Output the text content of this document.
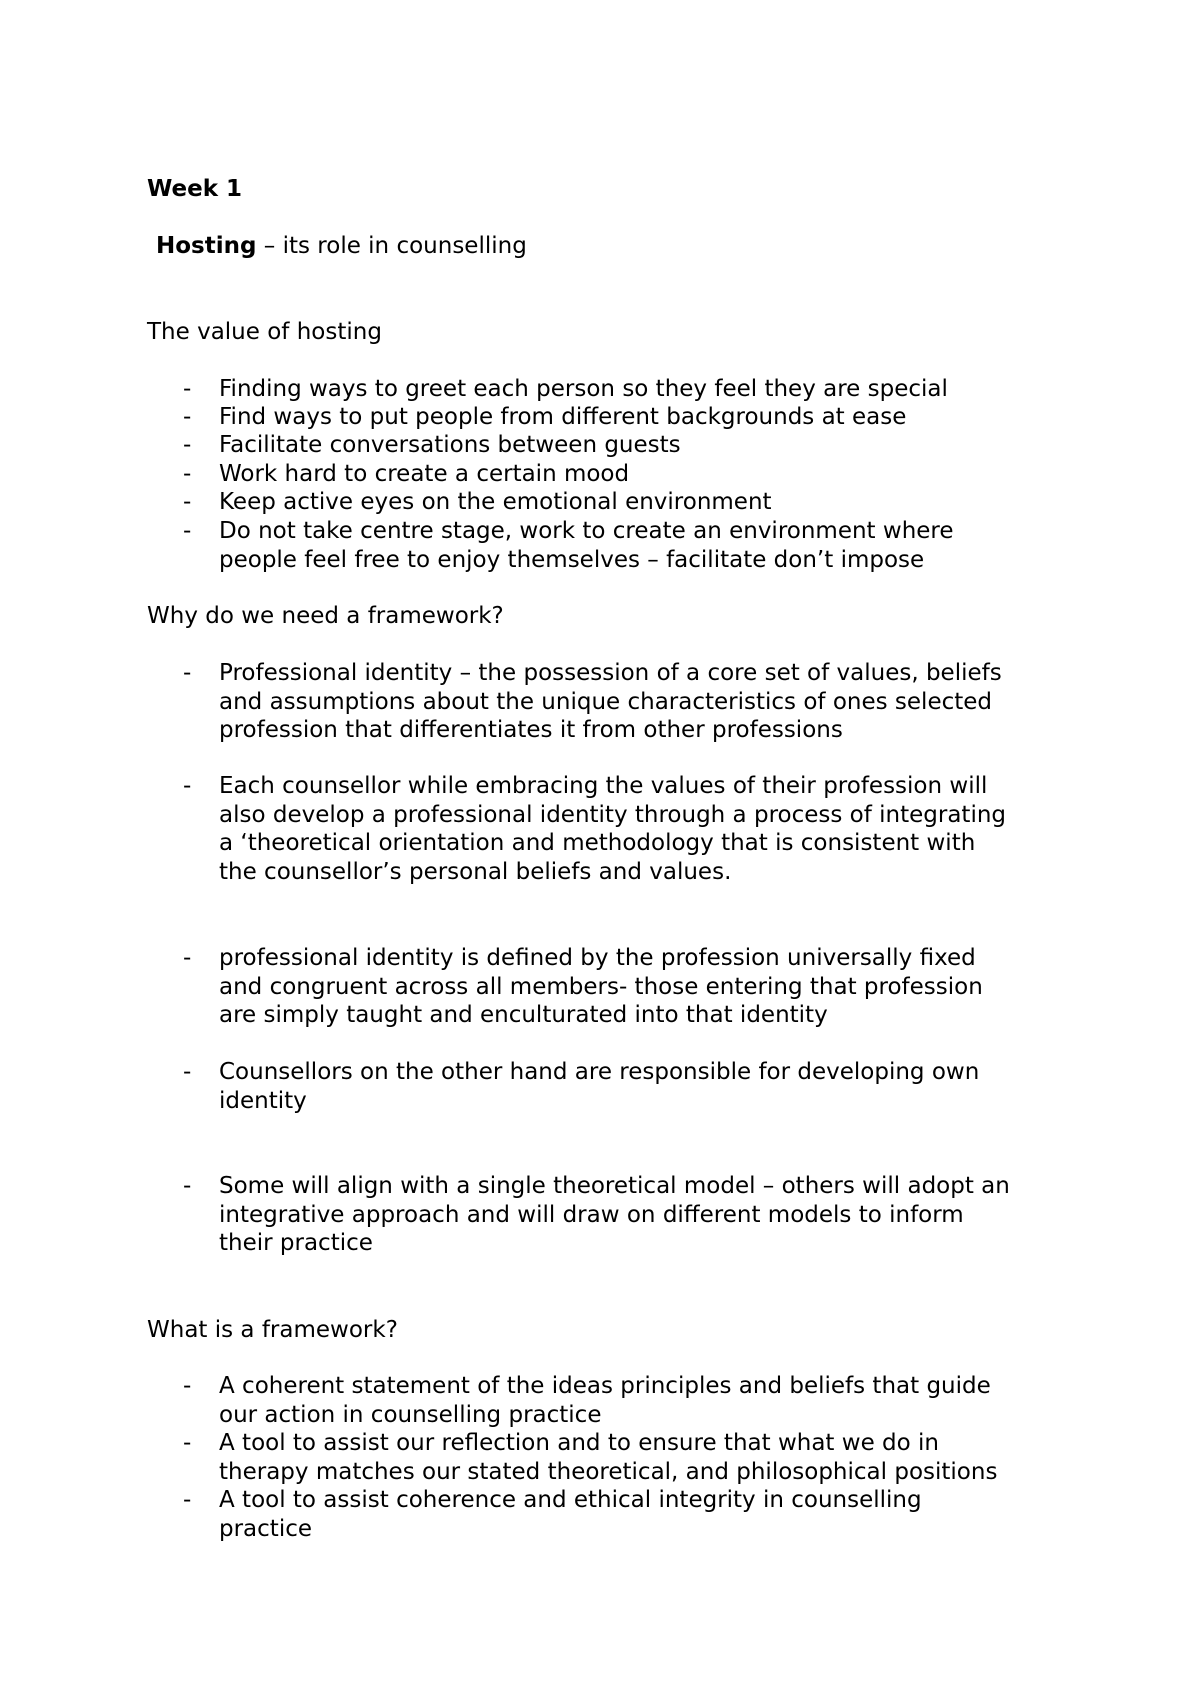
Week 1
Hosting – its role in counselling
The value of hosting
- Finding ways to greet each person so they feel they are special
- Find ways to put people from different backgrounds at ease
- Facilitate conversations between guests
- Work hard to create a certain mood
- Keep active eyes on the emotional environment
- Do not take centre stage, work to create an environment where
people feel free to enjoy themselves – facilitate don’t impose
Why do we need a framework?
- Professional identity – the possession of a core set of values, beliefs
and assumptions about the unique characteristics of ones selected
profession that differentiates it from other professions
- Each counsellor while embracing the values of their profession will
also develop a professional identity through a process of integrating
a ‘theoretical orientation and methodology that is consistent with
the counsellor’s personal beliefs and values.
- professional identity is defined by the profession universally fixed
and congruent across all members- those entering that profession
are simply taught and enculturated into that identity
- Counsellors on the other hand are responsible for developing own
identity
- Some will align with a single theoretical model – others will adopt an
integrative approach and will draw on different models to inform
their practice
What is a framework?
- A coherent statement of the ideas principles and beliefs that guide
our action in counselling practice
- A tool to assist our reflection and to ensure that what we do in
therapy matches our stated theoretical, and philosophical positions
- A tool to assist coherence and ethical integrity in counselling
practice
